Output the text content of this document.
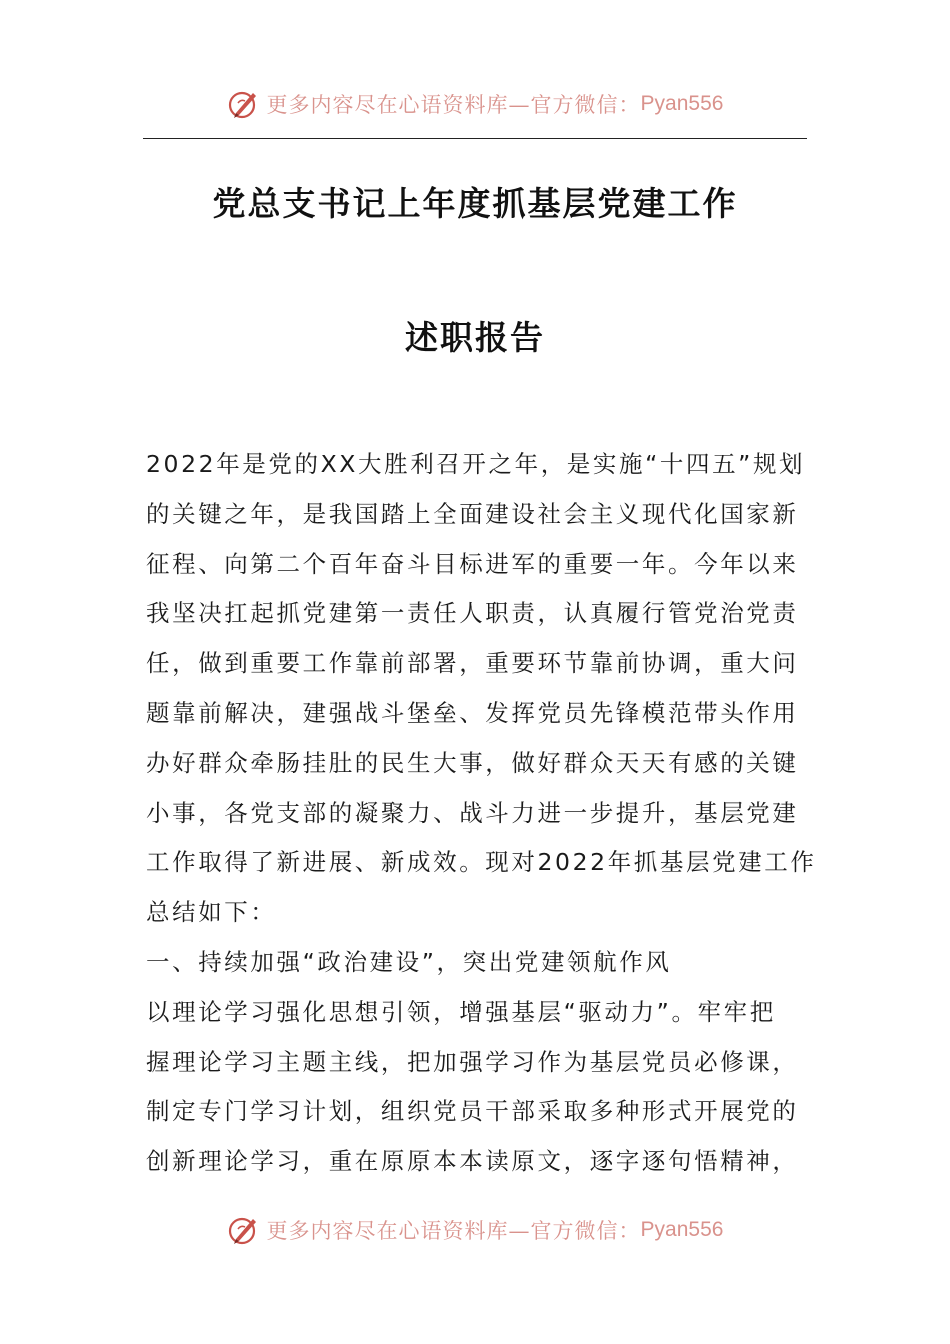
更多内容尽在心语资料库—官方微信： Pyan556
党总支书记上年度抓基层党建工作
述职报告
2022年是党的XX大胜利召开之年，是实施“十四五”规划
的关键之年，是我国踏上全面建设社会主义现代化国家新
征程、向第二个百年奋斗目标进军的重要一年。今年以来
我坚决扛起抓党建第一责任人职责，认真履行管党治党责
任，做到重要工作靠前部署，重要环节靠前协调，重大问
题靠前解决，建强战斗堡垒、发挥党员先锋模范带头作用
办好群众牵肠挂肚的民生大事，做好群众天天有感的关键
小事，各党支部的凝聚力、战斗力进一步提升，基层党建
工作取得了新进展、新成效。现对2022年抓基层党建工作
总结如下：
一、持续加强“政治建设”，突出党建领航作风
以理论学习强化思想引领，增强基层“驱动力”。牢牢把
握理论学习主题主线，把加强学习作为基层党员必修课，
制定专门学习计划，组织党员干部采取多种形式开展党的
创新理论学习，重在原原本本读原文，逐字逐句悟精神，
更多内容尽在心语资料库—官方微信： Pyan556
